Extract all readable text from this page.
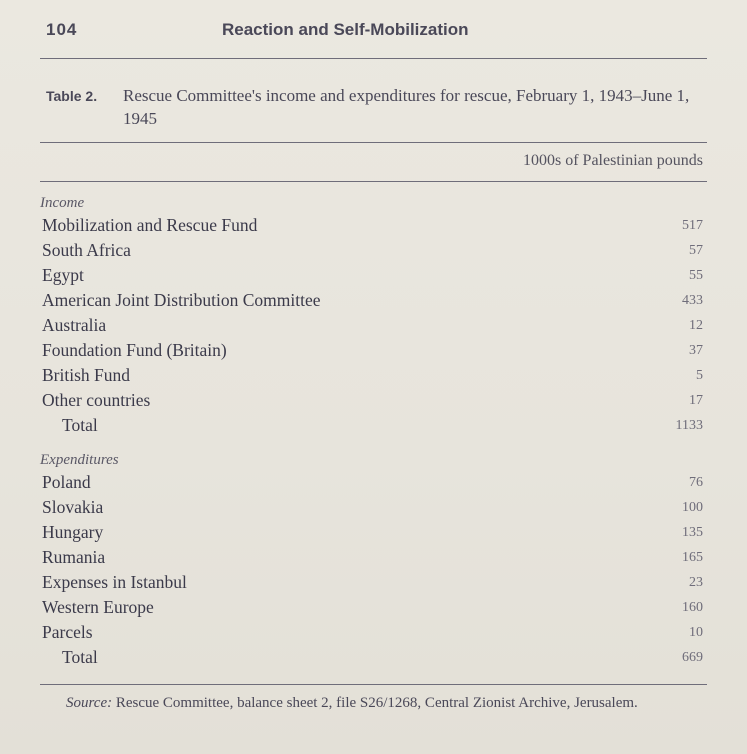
104	Reaction and Self-Mobilization
Table 2. Rescue Committee's income and expenditures for rescue, February 1, 1943–June 1, 1945
1000s of Palestinian pounds
Income
Mobilization and Rescue Fund	517
South Africa	57
Egypt	55
American Joint Distribution Committee	433
Australia	12
Foundation Fund (Britain)	37
British Fund	5
Other countries	17
Total	1133
Expenditures
Poland	76
Slovakia	100
Hungary	135
Rumania	165
Expenses in Istanbul	23
Western Europe	160
Parcels	10
Total	669
Source: Rescue Committee, balance sheet 2, file S26/1268, Central Zionist Archive, Jerusalem.
